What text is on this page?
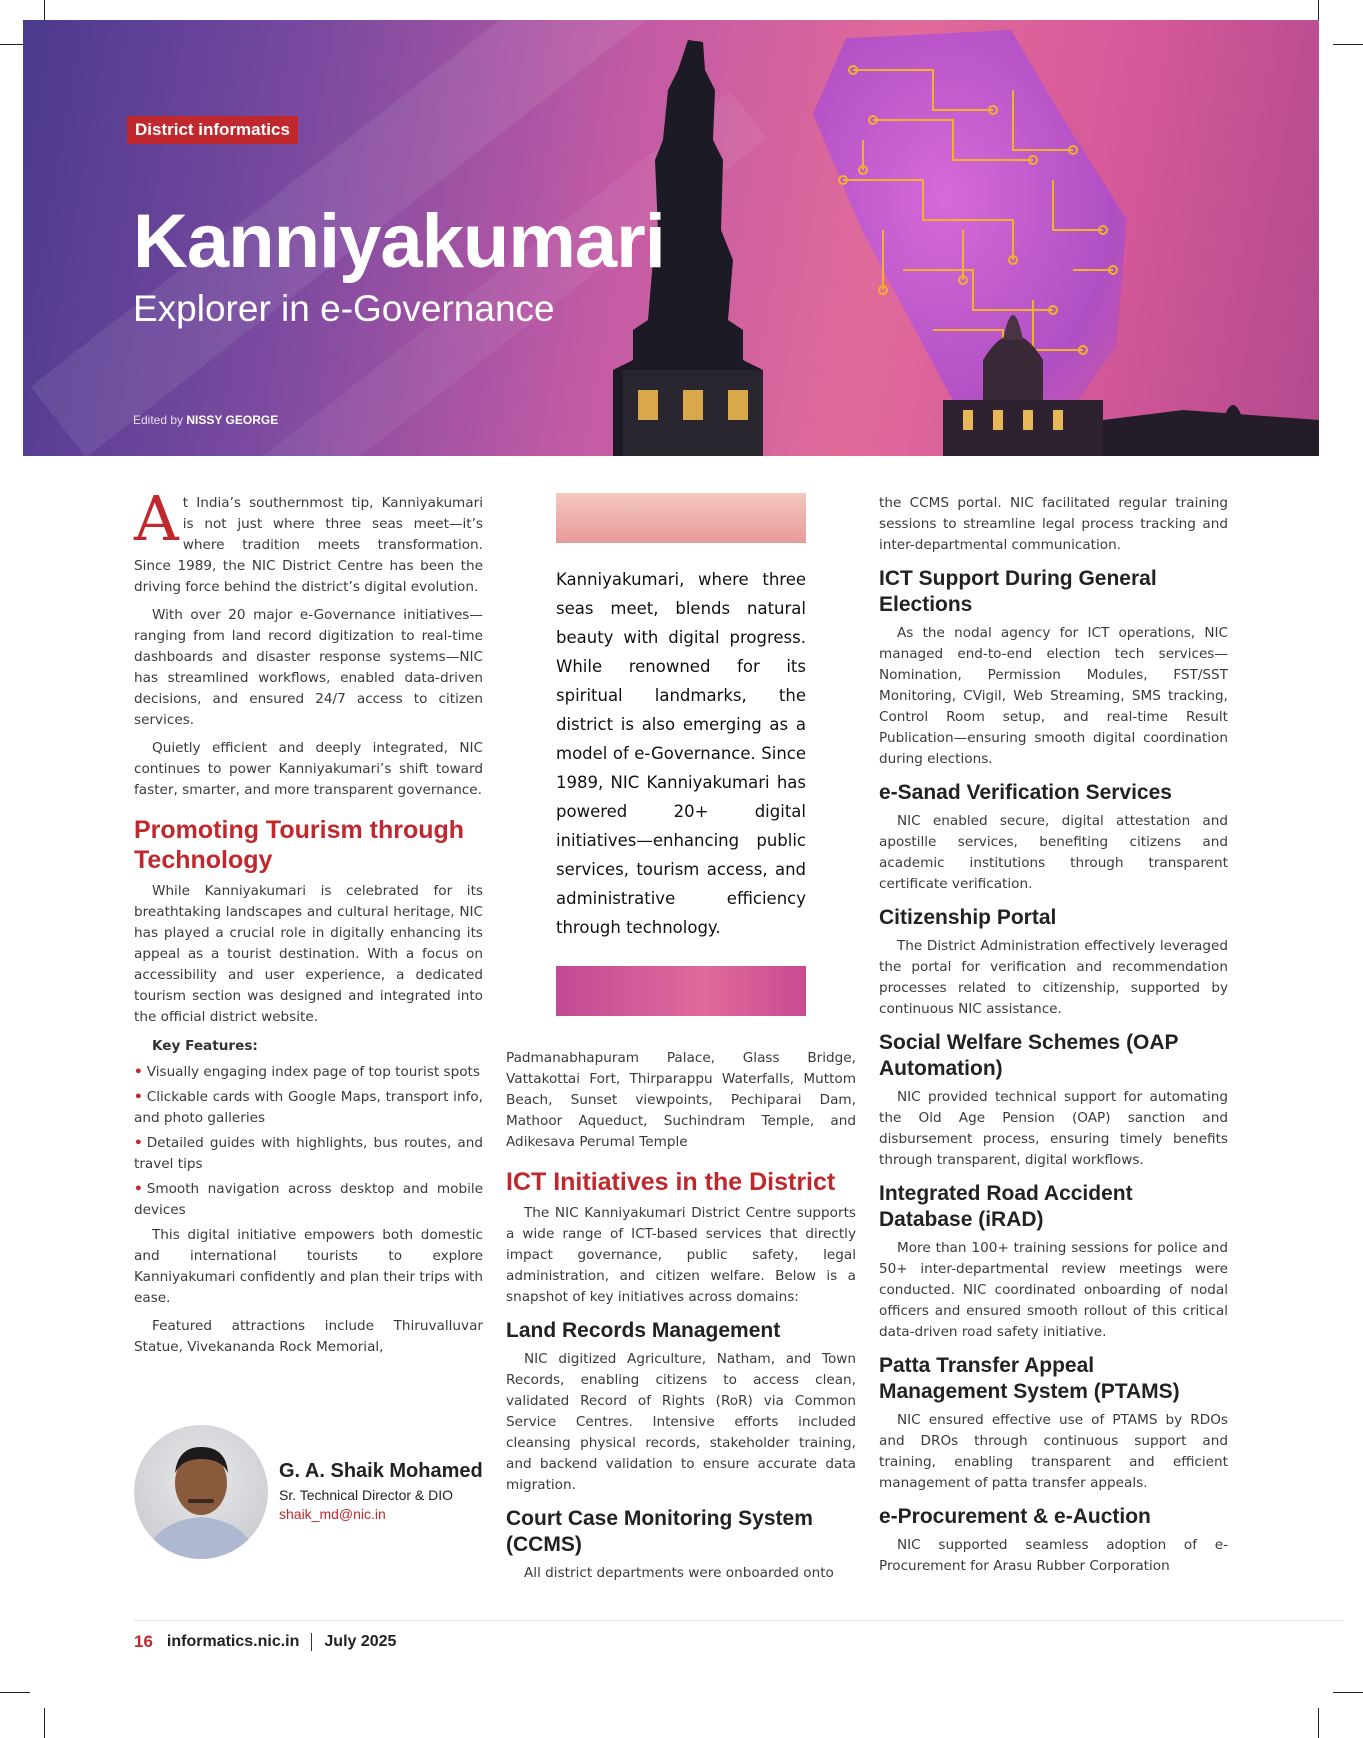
District informatics
Kanniyakumari
Explorer in e-Governance
Edited by NISSY GEORGE

At India’s southernmost tip, Kanniyakumari is not just where three seas meet—it’s where tradition meets transformation. Since 1989, the NIC District Centre has been the driving force behind the district’s digital evolution.

With over 20 major e-Governance initiatives—ranging from land record digitization to real-time dashboards and disaster response systems—NIC has streamlined workflows, enabled data-driven decisions, and ensured 24/7 access to citizen services.

Quietly efficient and deeply integrated, NIC continues to power Kanniyakumari’s shift toward faster, smarter, and more transparent governance.

Promoting Tourism through Technology

While Kanniyakumari is celebrated for its breathtaking landscapes and cultural heritage, NIC has played a crucial role in digitally enhancing its appeal as a tourist destination. With a focus on accessibility and user experience, a dedicated tourism section was designed and integrated into the official district website.

Key Features:
• Visually engaging index page of top tourist spots
• Clickable cards with Google Maps, transport info, and photo galleries
• Detailed guides with highlights, bus routes, and travel tips
• Smooth navigation across desktop and mobile devices

This digital initiative empowers both domestic and international tourists to explore Kanniyakumari confidently and plan their trips with ease.

Featured attractions include Thiruvalluvar Statue, Vivekananda Rock Memorial,

G. A. Shaik Mohamed
Sr. Technical Director & DIO
shaik_md@nic.in

Kanniyakumari, where three seas meet, blends natural beauty with digital progress. While renowned for its spiritual landmarks, the district is also emerging as a model of e-Governance. Since 1989, NIC Kanniyakumari has powered 20+ digital initiatives—enhancing public services, tourism access, and administrative efficiency through technology.

Padmanabhapuram Palace, Glass Bridge, Vattakottai Fort, Thirparappu Waterfalls, Muttom Beach, Sunset viewpoints, Pechiparai Dam, Mathoor Aqueduct, Suchindram Temple, and Adikesava Perumal Temple

ICT Initiatives in the District

The NIC Kanniyakumari District Centre supports a wide range of ICT-based services that directly impact governance, public safety, legal administration, and citizen welfare. Below is a snapshot of key initiatives across domains:

Land Records Management

NIC digitized Agriculture, Natham, and Town Records, enabling citizens to access clean, validated Record of Rights (RoR) via Common Service Centres. Intensive efforts included cleansing physical records, stakeholder training, and backend validation to ensure accurate data migration.

Court Case Monitoring System (CCMS)

All district departments were onboarded onto

the CCMS portal. NIC facilitated regular training sessions to streamline legal process tracking and inter-departmental communication.

ICT Support During General Elections

As the nodal agency for ICT operations, NIC managed end-to-end election tech services—Nomination, Permission Modules, FST/SST Monitoring, CVigil, Web Streaming, SMS tracking, Control Room setup, and real-time Result Publication—ensuring smooth digital coordination during elections.

e-Sanad Verification Services

NIC enabled secure, digital attestation and apostille services, benefiting citizens and academic institutions through transparent certificate verification.

Citizenship Portal

The District Administration effectively leveraged the portal for verification and recommendation processes related to citizenship, supported by continuous NIC assistance.

Social Welfare Schemes (OAP Automation)

NIC provided technical support for automating the Old Age Pension (OAP) sanction and disbursement process, ensuring timely benefits through transparent, digital workflows.

Integrated Road Accident Database (iRAD)

More than 100+ training sessions for police and 50+ inter-departmental review meetings were conducted. NIC coordinated onboarding of nodal officers and ensured smooth rollout of this critical data-driven road safety initiative.

Patta Transfer Appeal Management System (PTAMS)

NIC ensured effective use of PTAMS by RDOs and DROs through continuous support and training, enabling transparent and efficient management of patta transfer appeals.

e-Procurement & e-Auction

NIC supported seamless adoption of e-Procurement for Arasu Rubber Corporation

16 informatics.nic.in July 2025
